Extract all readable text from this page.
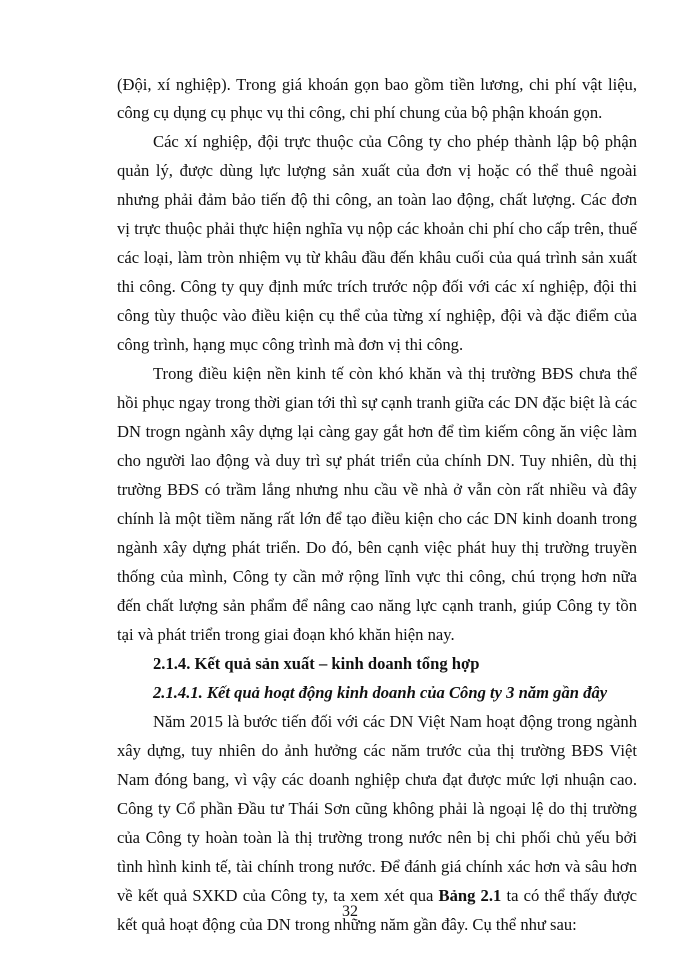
(Đội, xí nghiệp). Trong giá khoán gọn bao gồm tiền lương, chi phí vật liệu,
công cụ dụng cụ phục vụ thi công, chi phí chung của bộ phận khoán gọn.
Các xí nghiệp, đội trực thuộc của Công ty cho phép thành lập bộ phận
quản lý, được dùng lực lượng sản xuất của đơn vị hoặc có thể thuê ngoài
nhưng phải đảm bảo tiến độ thi công, an toàn lao động, chất lượng. Các đơn
vị trực thuộc phải thực hiện nghĩa vụ nộp các khoản chi phí cho cấp trên, thuế
các loại, làm tròn nhiệm vụ từ khâu đầu đến khâu cuối của quá trình sản xuất
thi công. Công ty quy định mức trích trước nộp đối với các xí nghiệp, đội thi
công tùy thuộc vào điều kiện cụ thể của từng xí nghiệp, đội và đặc điểm của
công trình, hạng mục công trình mà đơn vị thi công.
Trong điều kiện nền kinh tế còn khó khăn và thị trường BĐS chưa thể
hồi phục ngay trong thời gian tới thì sự cạnh tranh giữa các DN đặc biệt là các
DN trogn ngành xây dựng lại càng gay gắt hơn để tìm kiếm công ăn việc làm
cho người lao động và duy trì sự phát triển của chính DN. Tuy nhiên, dù thị
trường BĐS có trầm lắng nhưng nhu cầu về nhà ở vẫn còn rất nhiều và đây
chính là một tiềm năng rất lớn để tạo điều kiện cho các DN kinh doanh trong
ngành xây dựng phát triển. Do đó, bên cạnh việc phát huy thị trường truyền
thống của mình, Công ty cần mở rộng lĩnh vực thi công, chú trọng hơn nữa
đến chất lượng sản phẩm để nâng cao năng lực cạnh tranh, giúp Công ty tồn
tại và phát triển trong giai đoạn khó khăn hiện nay.
2.1.4. Kết quả sản xuất – kinh doanh tổng hợp
2.1.4.1. Kết quả hoạt động kinh doanh của Công ty 3 năm gần đây
Năm 2015 là bước tiến đối với các DN Việt Nam hoạt động trong ngành
xây dựng, tuy nhiên do ảnh hưởng các năm trước của thị trường BĐS Việt
Nam đóng bang, vì vậy các doanh nghiệp chưa đạt được mức lợi nhuận cao.
Công ty Cổ phần Đầu tư Thái Sơn cũng không phải là ngoại lệ do thị trường
của Công ty hoàn toàn là thị trường trong nước nên bị chi phối chủ yếu bởi
tình hình kinh tế, tài chính trong nước. Để đánh giá chính xác hơn và sâu hơn
về kết quả SXKD của Công ty, ta xem xét qua Bảng 2.1 ta có thể thấy được
kết quả hoạt động của DN trong những năm gần đây. Cụ thể như sau:
32
